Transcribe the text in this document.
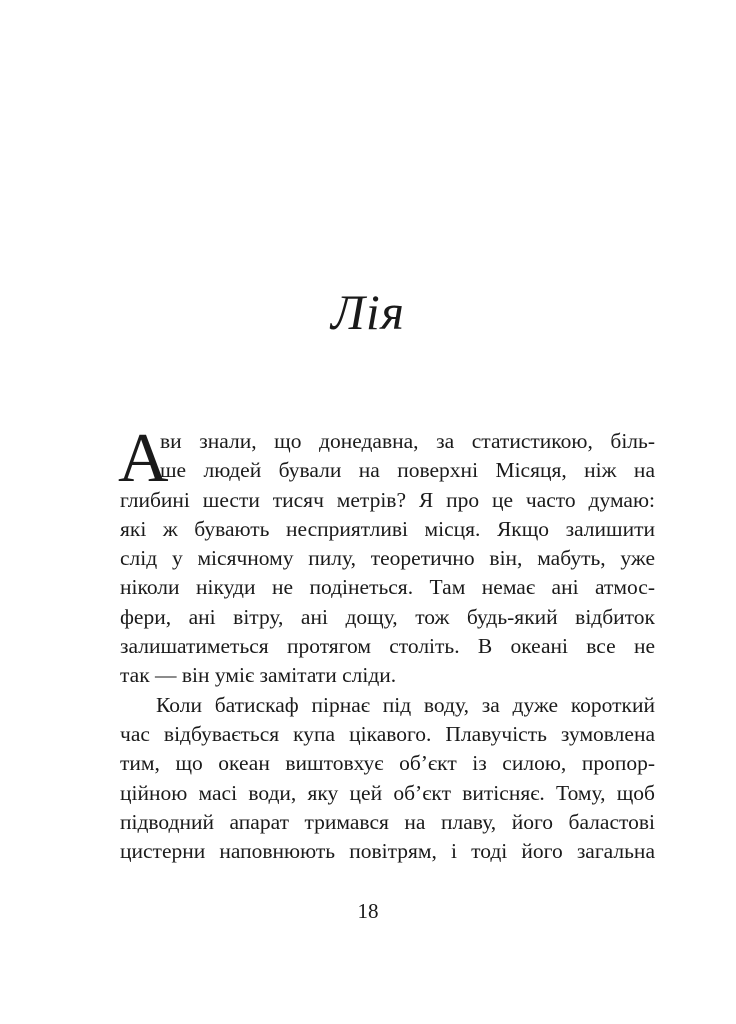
Лія
А
ви знали, що донедавна, за статистикою, біль-
ше людей бували на поверхні Місяця, ніж на
глибині шести тисяч метрів? Я про це часто думаю:
які ж бувають несприятливі місця. Якщо залишити
слід у місячному пилу, теоретично він, мабуть, уже
ніколи нікуди не подінеться. Там немає ані атмос-
фери, ані вітру, ані дощу, тож будь-який відбиток
залишатиметься протягом століть. В океані все не
так — він уміє замітати сліди.
Коли батискаф пірнає під воду, за дуже короткий
час відбувається купа цікавого. Плавучість зумовлена
тим, що океан виштовхує об’єкт із силою, пропор-
ційною масі води, яку цей об’єкт витісняє. Тому, щоб
підводний апарат тримався на плаву, його баластові
цистерни наповнюють повітрям, і тоді його загальна
18
